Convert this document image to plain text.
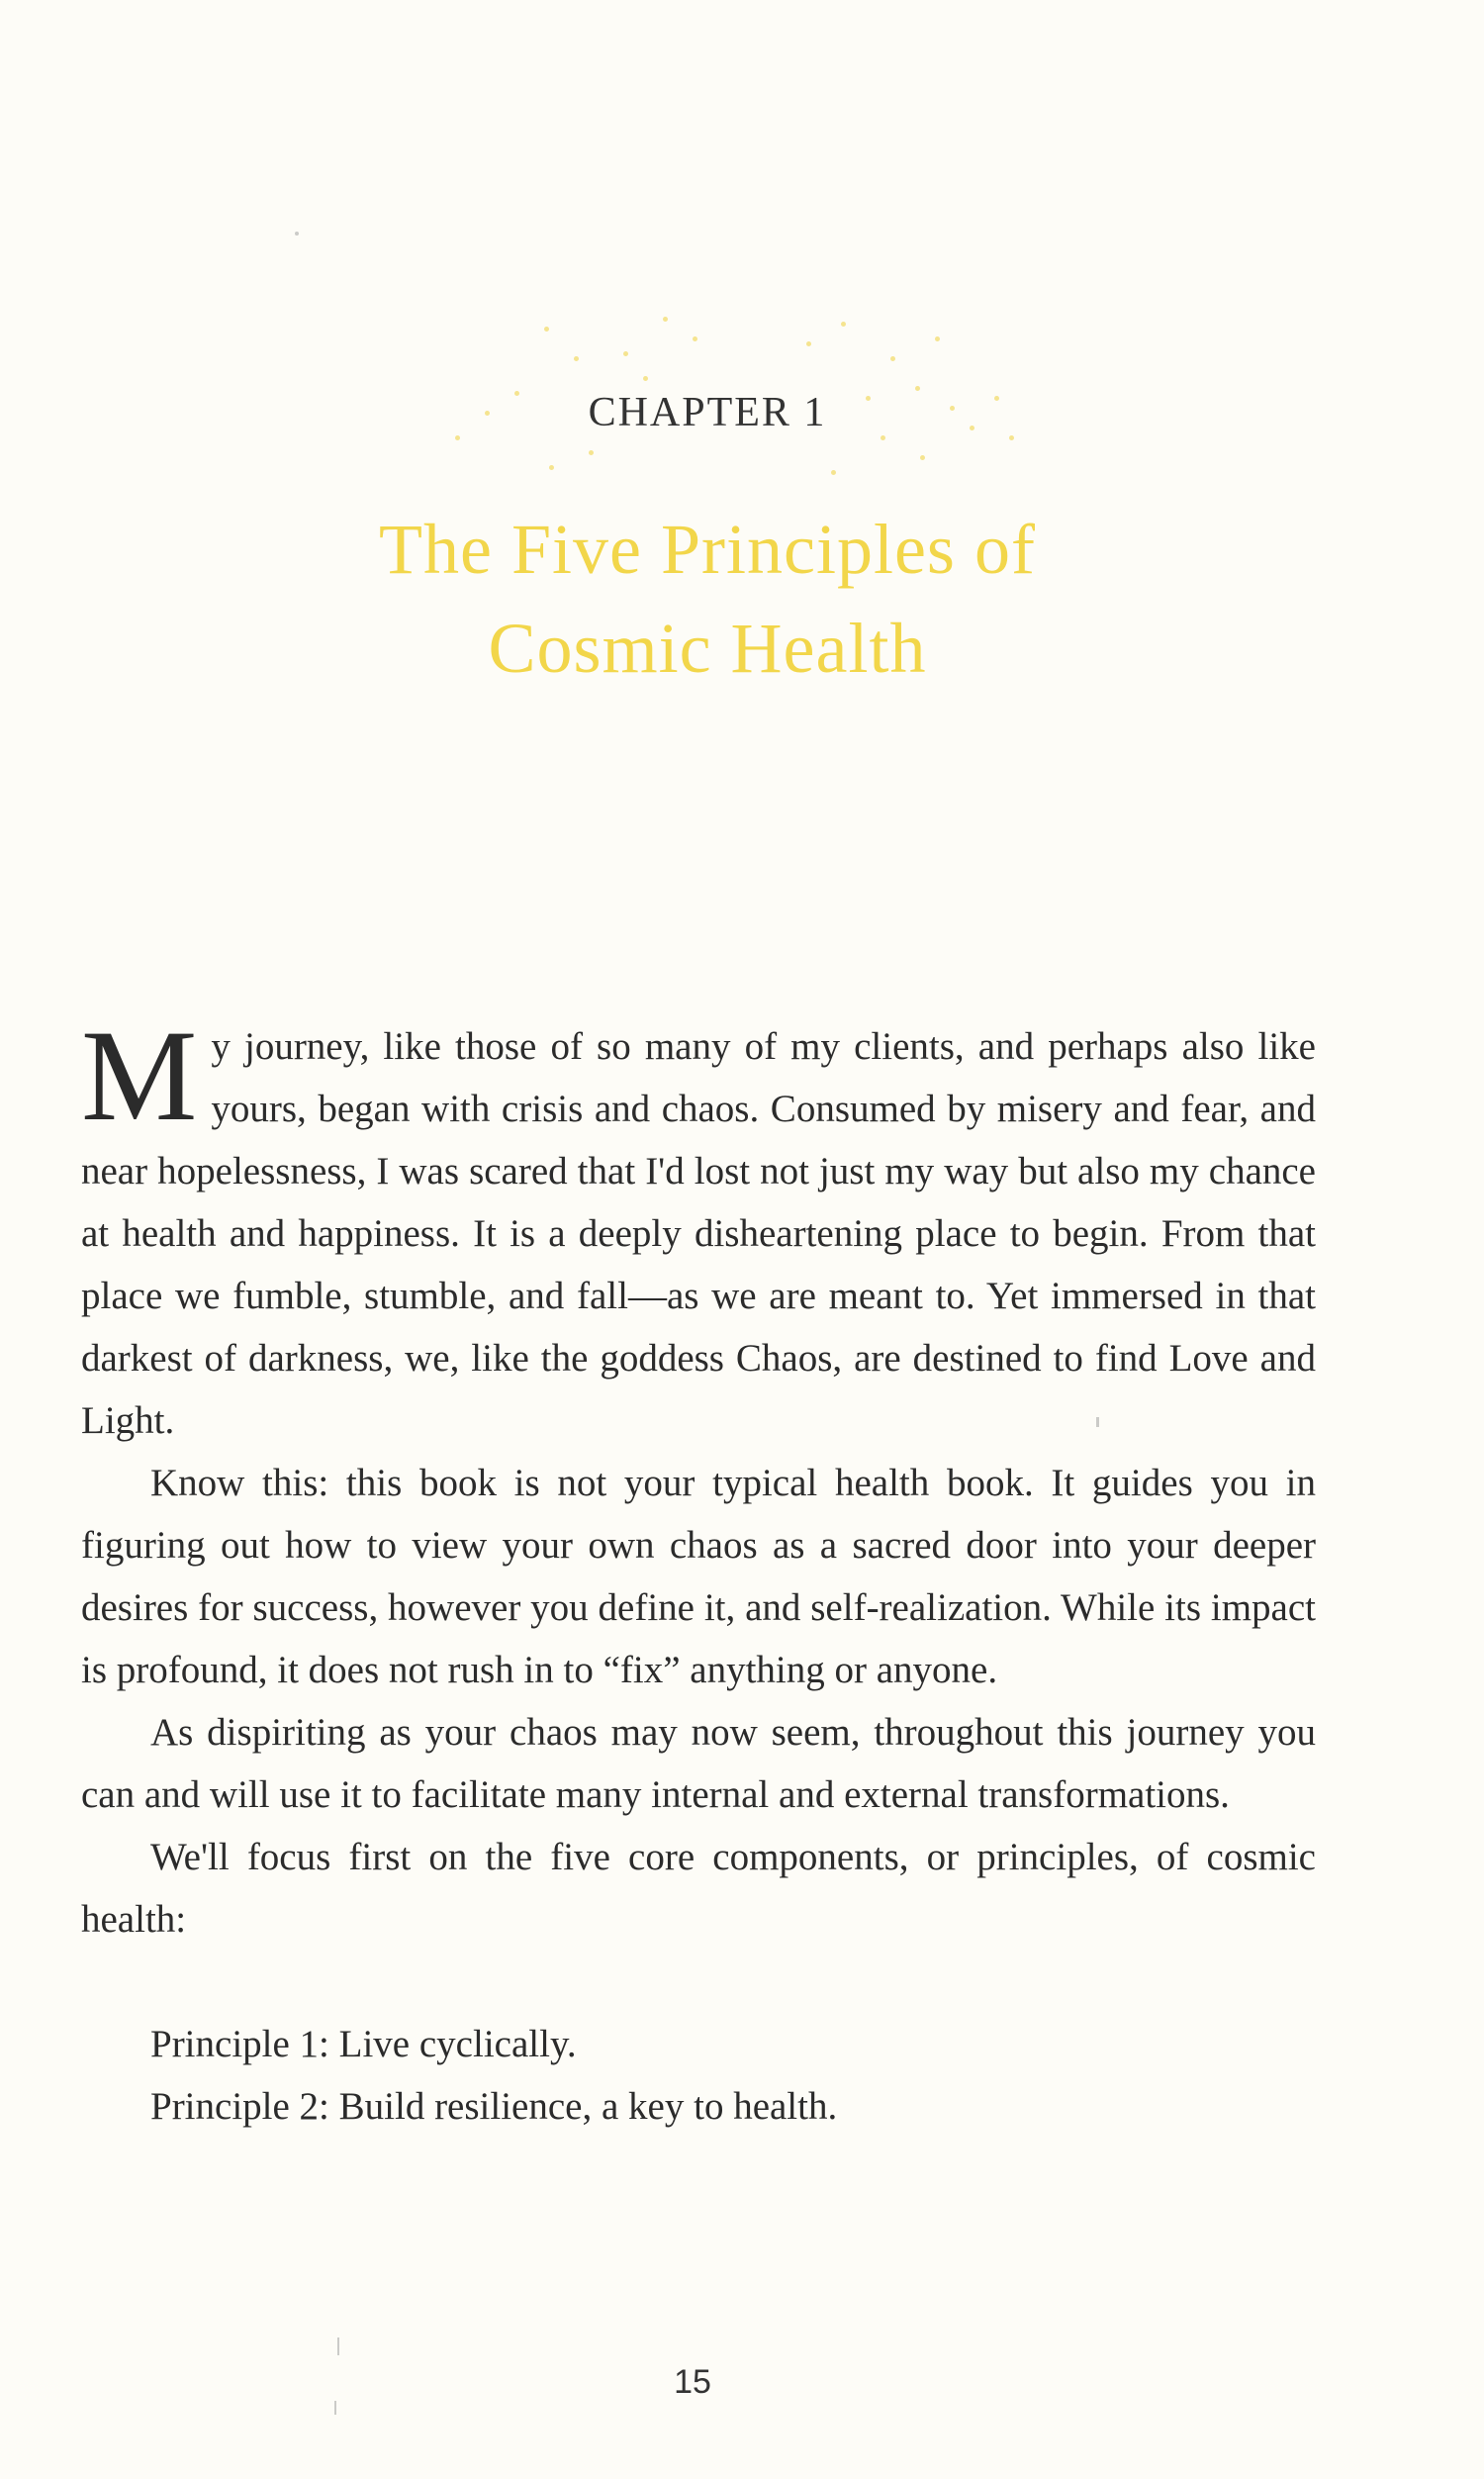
CHAPTER 1
The Five Principles of
Cosmic Health

My journey, like those of so many of my clients, and perhaps also like yours, began with crisis and chaos. Consumed by misery and fear, and near hopelessness, I was scared that I'd lost not just my way but also my chance at health and happiness. It is a deeply disheartening place to begin. From that place we fumble, stumble, and fall—as we are meant to. Yet immersed in that darkest of darkness, we, like the goddess Chaos, are destined to find Love and Light.

Know this: this book is not your typical health book. It guides you in figuring out how to view your own chaos as a sacred door into your deeper desires for success, however you define it, and self-realization. While its impact is profound, it does not rush in to “fix” anything or anyone.

As dispiriting as your chaos may now seem, throughout this journey you can and will use it to facilitate many internal and external transformations.

We'll focus first on the five core components, or principles, of cosmic health:

Principle 1: Live cyclically.
Principle 2: Build resilience, a key to health.
15
